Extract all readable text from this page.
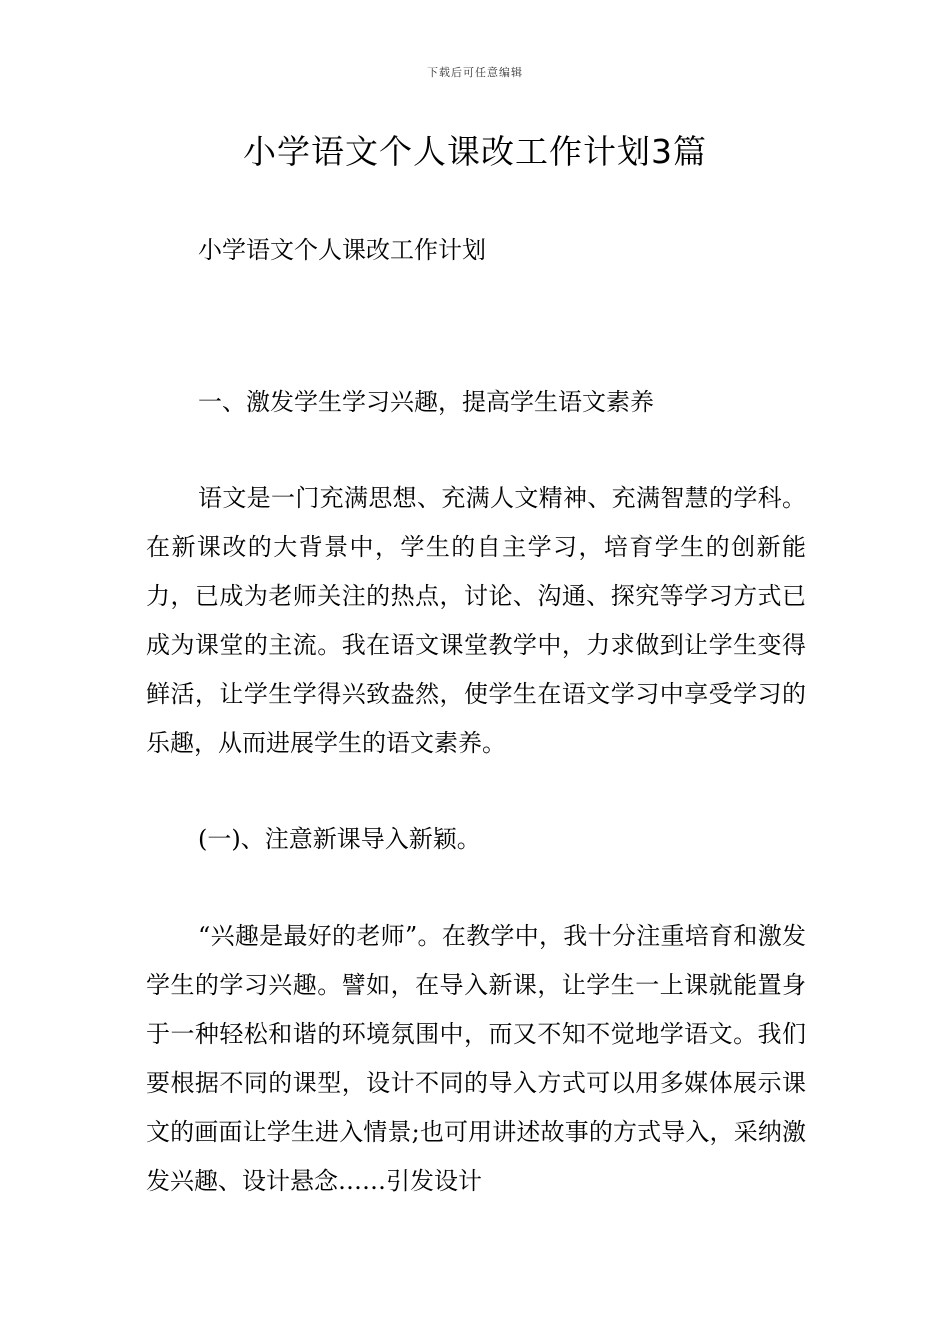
下载后可任意编辑
小学语文个人课改工作计划3篇

小学语文个人课改工作计划

一、激发学生学习兴趣，提高学生语文素养

语文是一门充满思想、充满人文精神、充满智慧的学科。在新课改的大背景中，学生的自主学习，培育学生的创新能力，已成为老师关注的热点，讨论、沟通、探究等学习方式已成为课堂的主流。我在语文课堂教学中，力求做到让学生变得鲜活，让学生学得兴致盎然，使学生在语文学习中享受学习的乐趣，从而进展学生的语文素养。

(一)、注意新课导入新颖。

“兴趣是最好的老师”。在教学中，我十分注重培育和激发学生的学习兴趣。譬如，在导入新课，让学生一上课就能置身于一种轻松和谐的环境氛围中，而又不知不觉地学语文。我们要根据不同的课型，设计不同的导入方式可以用多媒体展示课文的画面让学生进入情景;也可用讲述故事的方式导入，采纳激发兴趣、设计悬念……引发设计
